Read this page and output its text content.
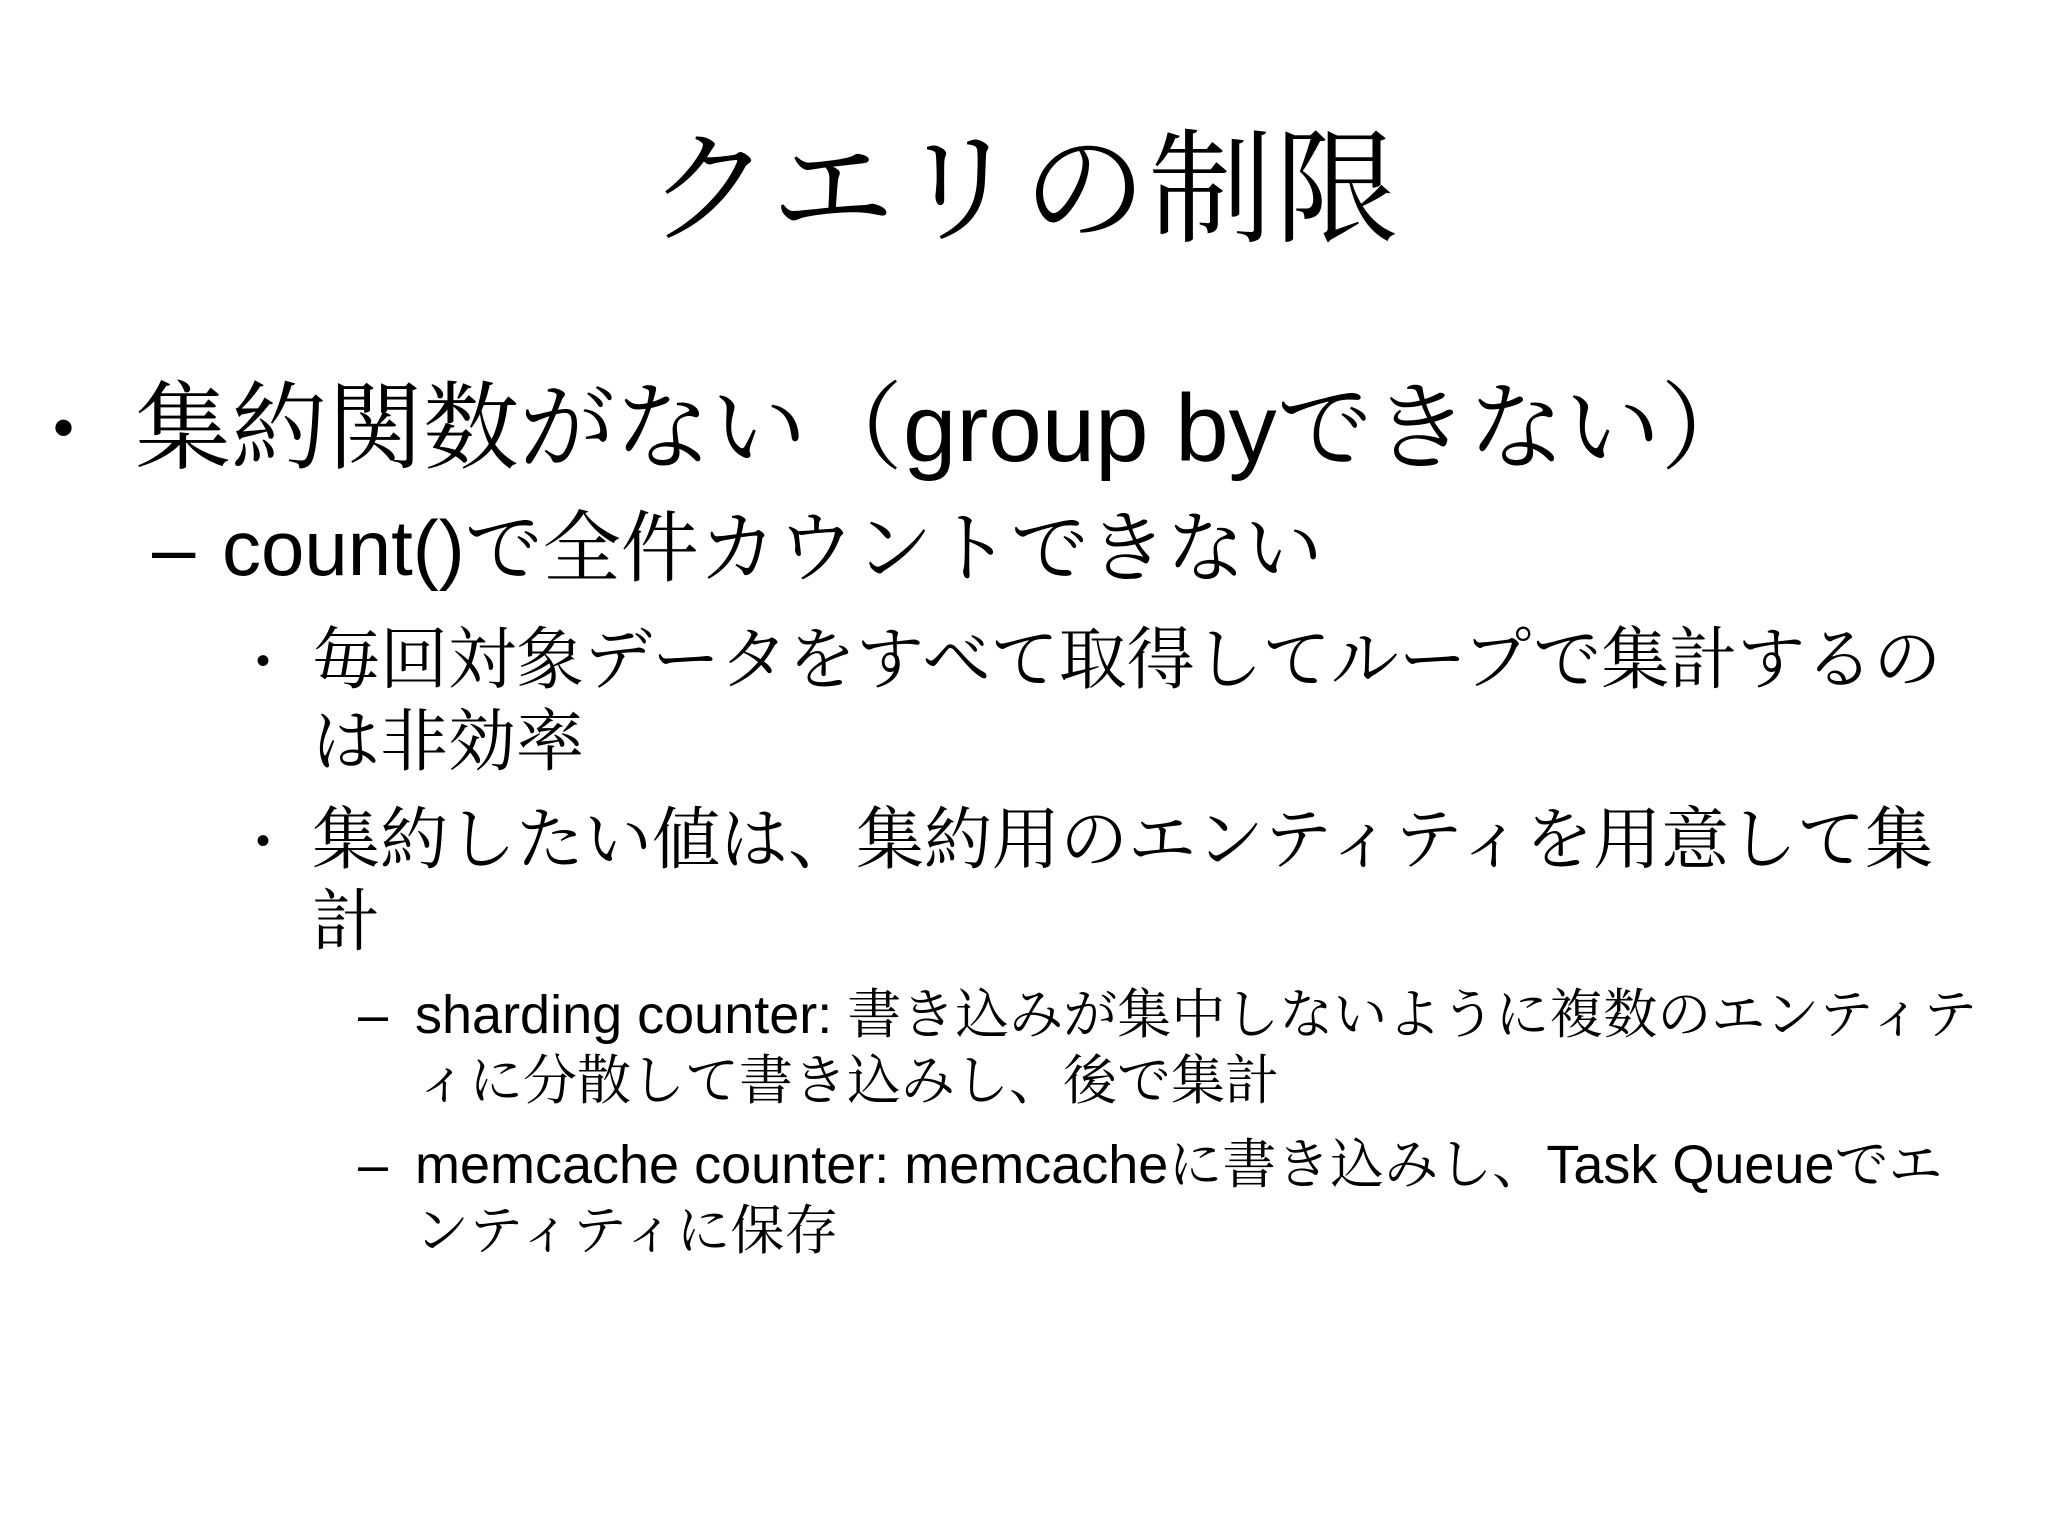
クエリの制限
• 集約関数がない（group byできない）
– count()で全件カウントできない
• 毎回対象データをすべて取得してループで集計するのは非効率
• 集約したい値は、集約用のエンティティを用意して集計
– sharding counter: 書き込みが集中しないように複数のエンティティに分散して書き込みし、後で集計
– memcache counter: memcacheに書き込みし、Task Queueでエンティティに保存
